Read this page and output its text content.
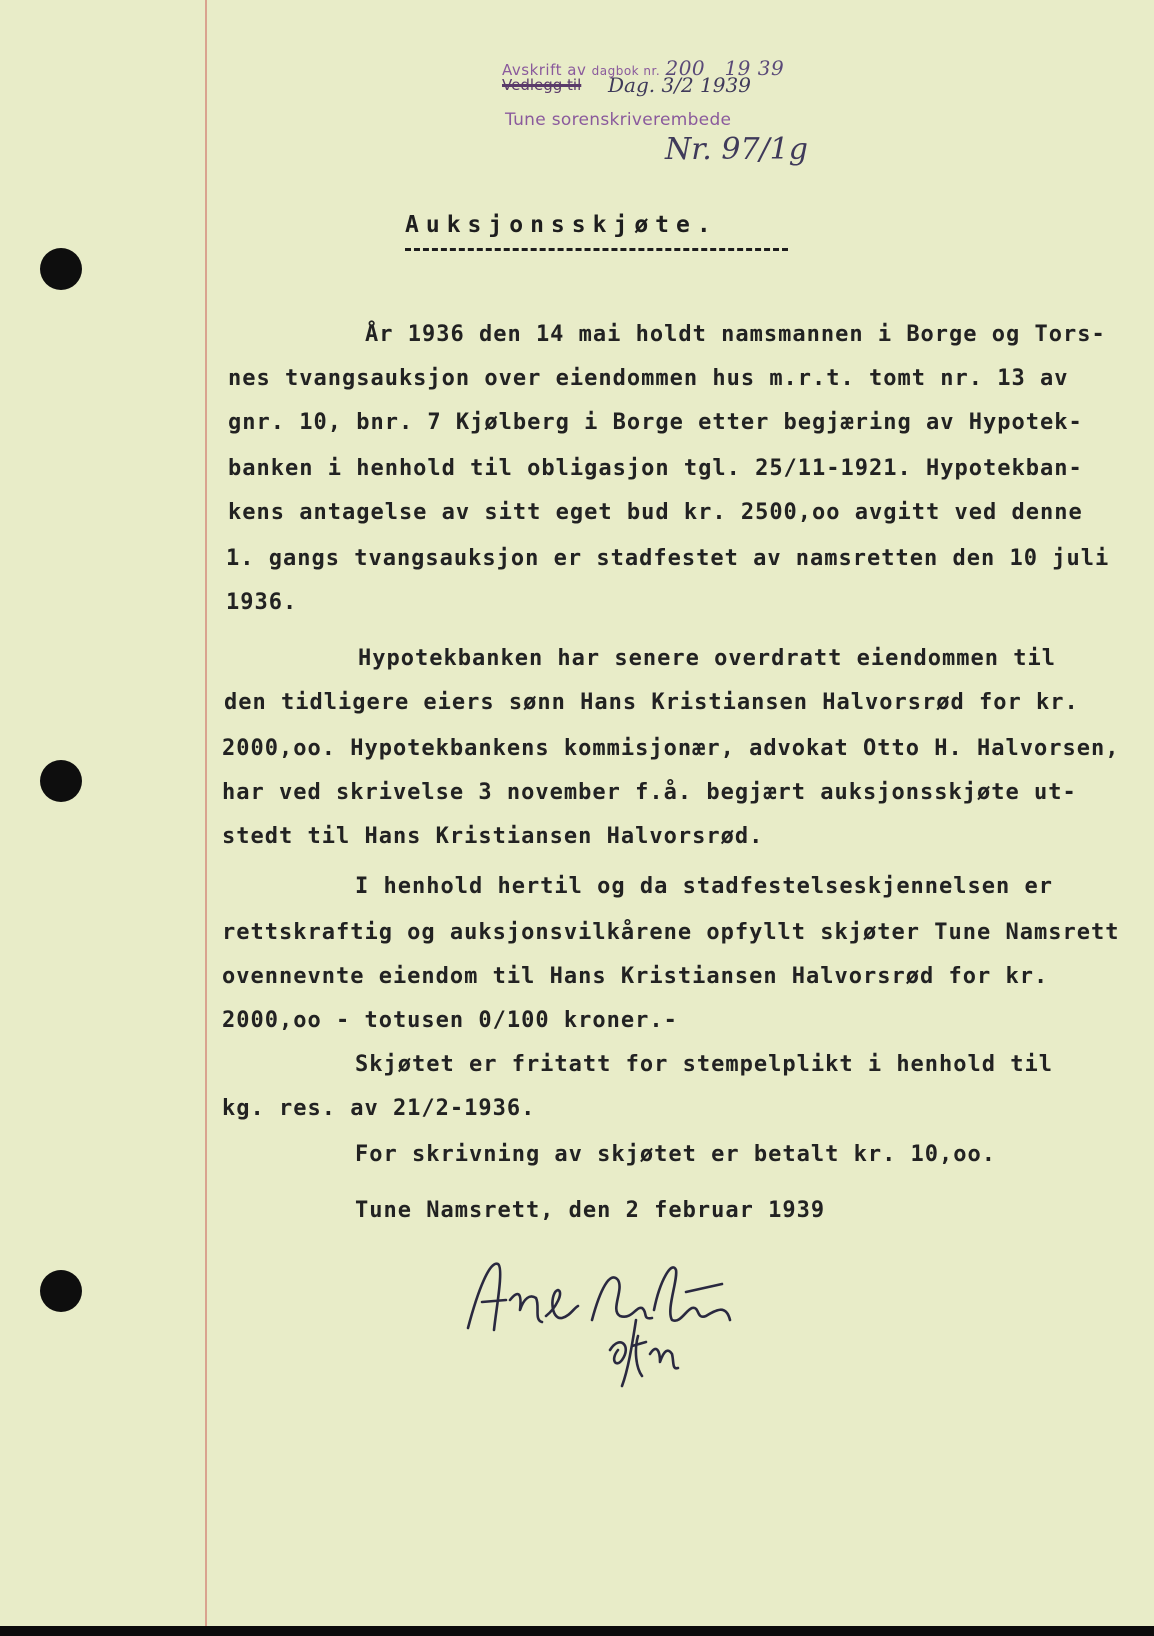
Avskrift av dagbok nr. 200 19 39
Vedlegg til
Tune sorenskriverembede
Dag. 3/2 1939
Nr. 97/1g
Auksjonsskjøte.
År 1936 den 14 mai holdt namsmannen i Borge og Tors-
nes tvangsauksjon over eiendommen hus m.r.t. tomt nr. 13 av
gnr. 10, bnr. 7 Kjølberg i Borge etter begjæring av Hypotek-
banken i henhold til obligasjon tgl. 25/11-1921. Hypotekban-
kens antagelse av sitt eget bud kr. 2500,oo avgitt ved denne
1. gangs tvangsauksjon er stadfestet av namsretten den 10 juli
1936.
Hypotekbanken har senere overdratt eiendommen til
den tidligere eiers sønn Hans Kristiansen Halvorsrød for kr.
2000,oo. Hypotekbankens kommisjonær, advokat Otto H. Halvorsen,
har ved skrivelse 3 november f.å. begjært auksjonsskjøte ut-
stedt til Hans Kristiansen Halvorsrød.
I henhold hertil og da stadfestelseskjennelsen er
rettskraftig og auksjonsvilkårene opfyllt skjøter Tune Namsrett
ovennevnte eiendom til Hans Kristiansen Halvorsrød for kr.
2000,oo - totusen 0/100 kroner.-
Skjøtet er fritatt for stempelplikt i henhold til
kg. res. av 21/2-1936.
For skrivning av skjøtet er betalt kr. 10,oo.
Tune Namsrett, den 2 februar 1939
